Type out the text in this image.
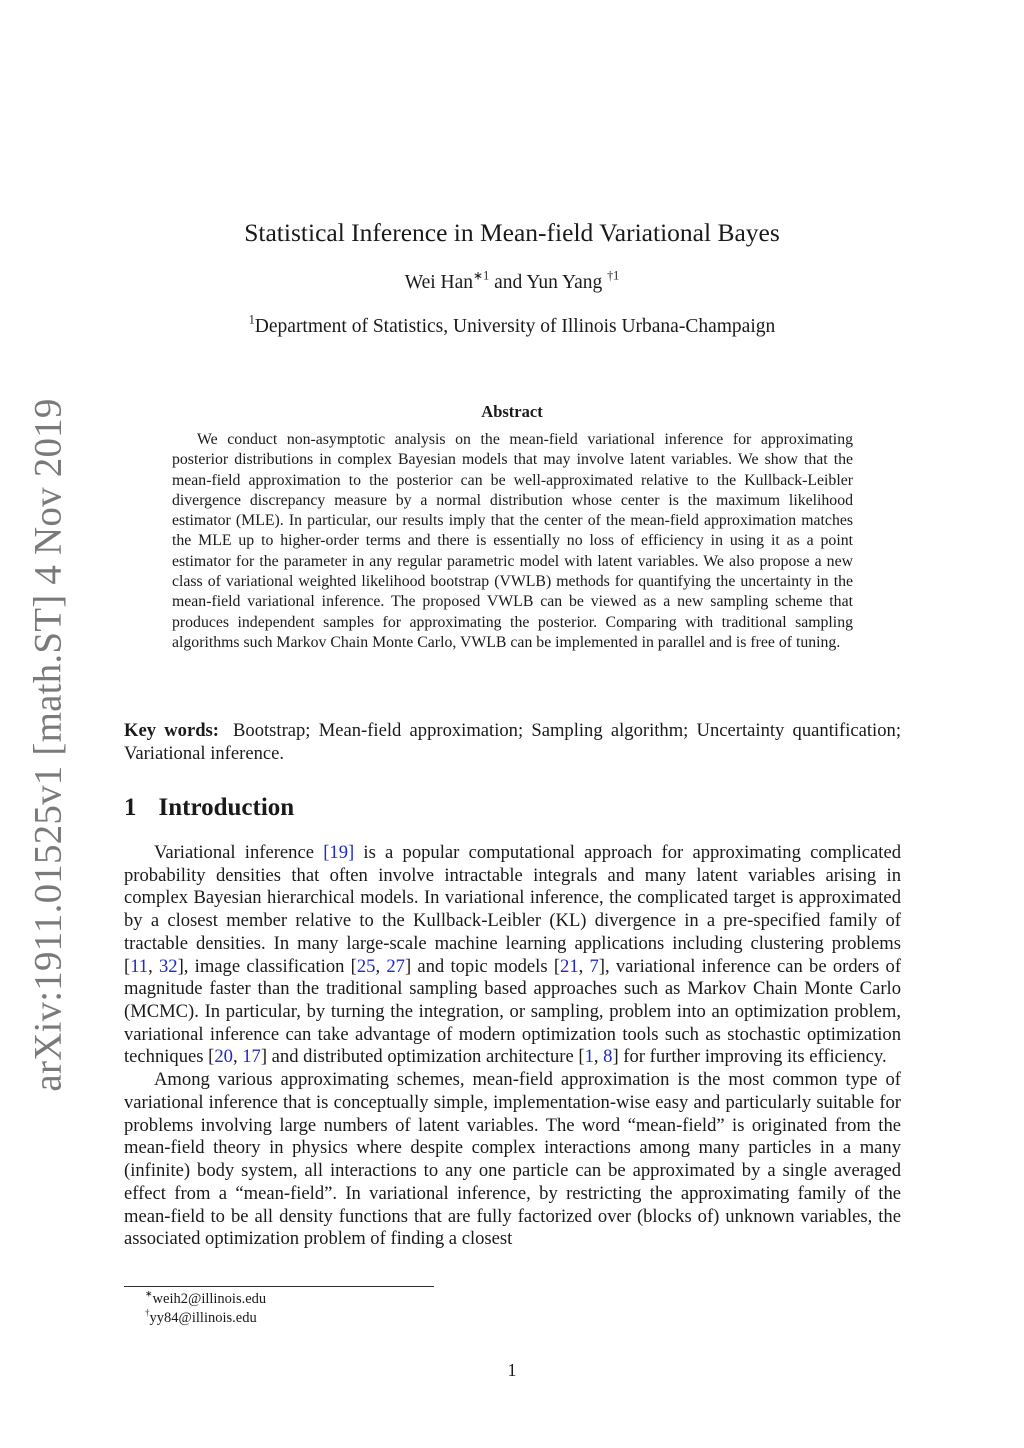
arXiv:1911.01525v1 [math.ST] 4 Nov 2019
Statistical Inference in Mean-field Variational Bayes
Wei Han$^{∗1}$ and Yun Yang $^{\dagger 1}$
$^1$Department of Statistics, University of Illinois Urbana-Champaign
Abstract
We conduct non-asymptotic analysis on the mean-field variational inference for approximating posterior distributions in complex Bayesian models that may involve latent variables. We show that the mean-field approximation to the posterior can be well-approximated relative to the Kullback-Leibler divergence discrepancy measure by a normal distribution whose center is the maximum likelihood estimator (MLE). In particular, our results imply that the center of the mean-field approximation matches the MLE up to higher-order terms and there is essentially no loss of efficiency in using it as a point estimator for the parameter in any regular parametric model with latent variables. We also propose a new class of variational weighted likelihood bootstrap (VWLB) methods for quantifying the uncertainty in the mean-field variational inference. The proposed VWLB can be viewed as a new sampling scheme that produces independent samples for approximating the posterior. Comparing with traditional sampling algorithms such Markov Chain Monte Carlo, VWLB can be implemented in parallel and is free of tuning.
Key words: Bootstrap; Mean-field approximation; Sampling algorithm; Uncertainty quantification; Variational inference.
1 Introduction

Variational inference [19] is a popular computational approach for approximating complicated probability densities that often involve intractable integrals and many latent variables arising in complex Bayesian hierarchical models. In variational inference, the complicated target is approximated by a closest member relative to the Kullback-Leibler (KL) divergence in a pre-specified family of tractable densities. In many large-scale machine learning applications including clustering problems [11, 32], image classification [25, 27] and topic models [21, 7], variational inference can be orders of magnitude faster than the traditional sampling based approaches such as Markov Chain Monte Carlo (MCMC). In particular, by turning the integration, or sampling, problem into an optimization problem, variational inference can take advantage of modern optimization tools such as stochastic optimization techniques [20, 17] and distributed optimization architecture [1, 8] for further improving its efficiency.

Among various approximating schemes, mean-field approximation is the most common type of variational inference that is conceptually simple, implementation-wise easy and particularly suitable for problems involving large numbers of latent variables. The word “mean-field” is originated from the mean-field theory in physics where despite complex interactions among many particles in a many (infinite) body system, all interactions to any one particle can be approximated by a single averaged effect from a “mean-field”. In variational inference, by restricting the approximating family of the mean-field to be all density functions that are fully factorized over (blocks of) unknown variables, the associated optimization problem of finding a closest

∗weih2@illinois.edu
†yy84@illinois.edu
1
